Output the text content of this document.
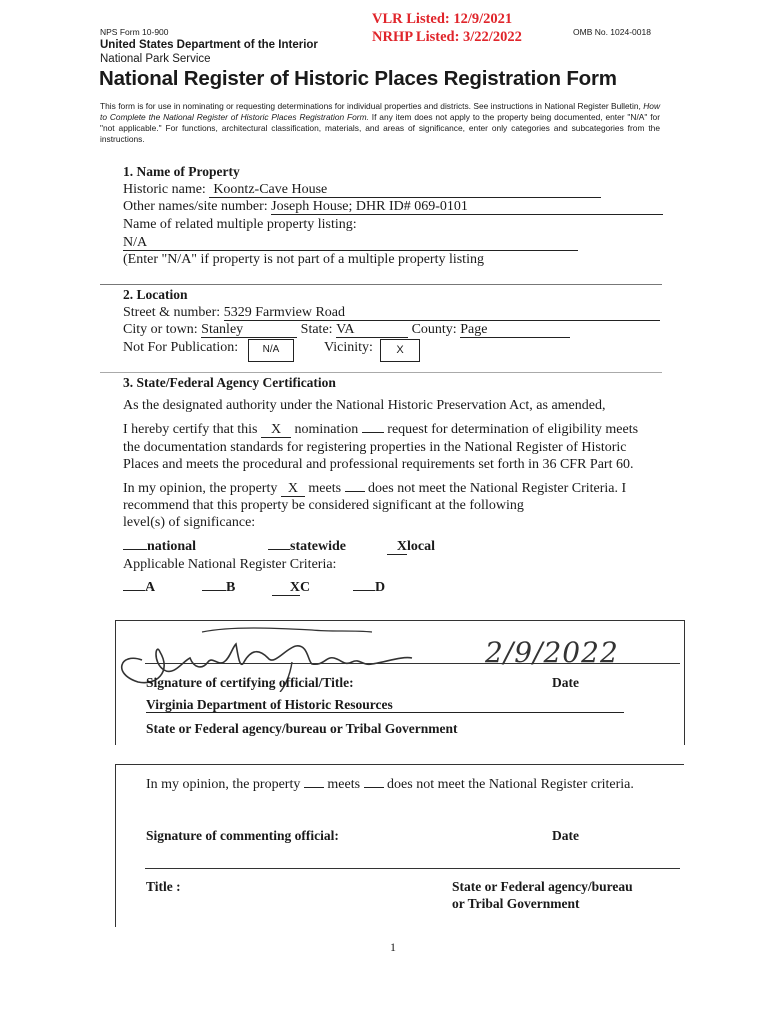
NPS Form 10-900	OMB No. 1024-0018
United States Department of the Interior
National Park Service
VLR Listed: 12/9/2021
NRHP Listed: 3/22/2022
National Register of Historic Places Registration Form
This form is for use in nominating or requesting determinations for individual properties and districts. See instructions in National Register Bulletin, How to Complete the National Register of Historic Places Registration Form. If any item does not apply to the property being documented, enter "N/A" for "not applicable." For functions, architectural classification, materials, and areas of significance, enter only categories and subcategories from the instructions.
1. Name of Property
Historic name: Koontz-Cave House
Other names/site number: Joseph House; DHR ID# 069-0101
Name of related multiple property listing:
N/A
(Enter "N/A" if property is not part of a multiple property listing
2. Location
Street & number: 5329 Farmview Road
City or town: Stanley	State: VA	County: Page
Not For Publication:	N/A	Vicinity:	X
3. State/Federal Agency Certification
As the designated authority under the National Historic Preservation Act, as amended,
I hereby certify that this X nomination request for determination of eligibility meets
the documentation standards for registering properties in the National Register of Historic
Places and meets the procedural and professional requirements set forth in 36 CFR Part 60.
In my opinion, the property X meets does not meet the National Register Criteria. I
recommend that this property be considered significant at the following
level(s) of significance:
national	statewide	Xlocal
Applicable National Register Criteria:
A	B	XC	D
2/9/2022
Signature of certifying official/Title:	Date
Virginia Department of Historic Resources
State or Federal agency/bureau or Tribal Government
In my opinion, the property meets does not meet the National Register criteria.
Signature of commenting official:	Date
Title :	State or Federal agency/bureau
or Tribal Government
1
